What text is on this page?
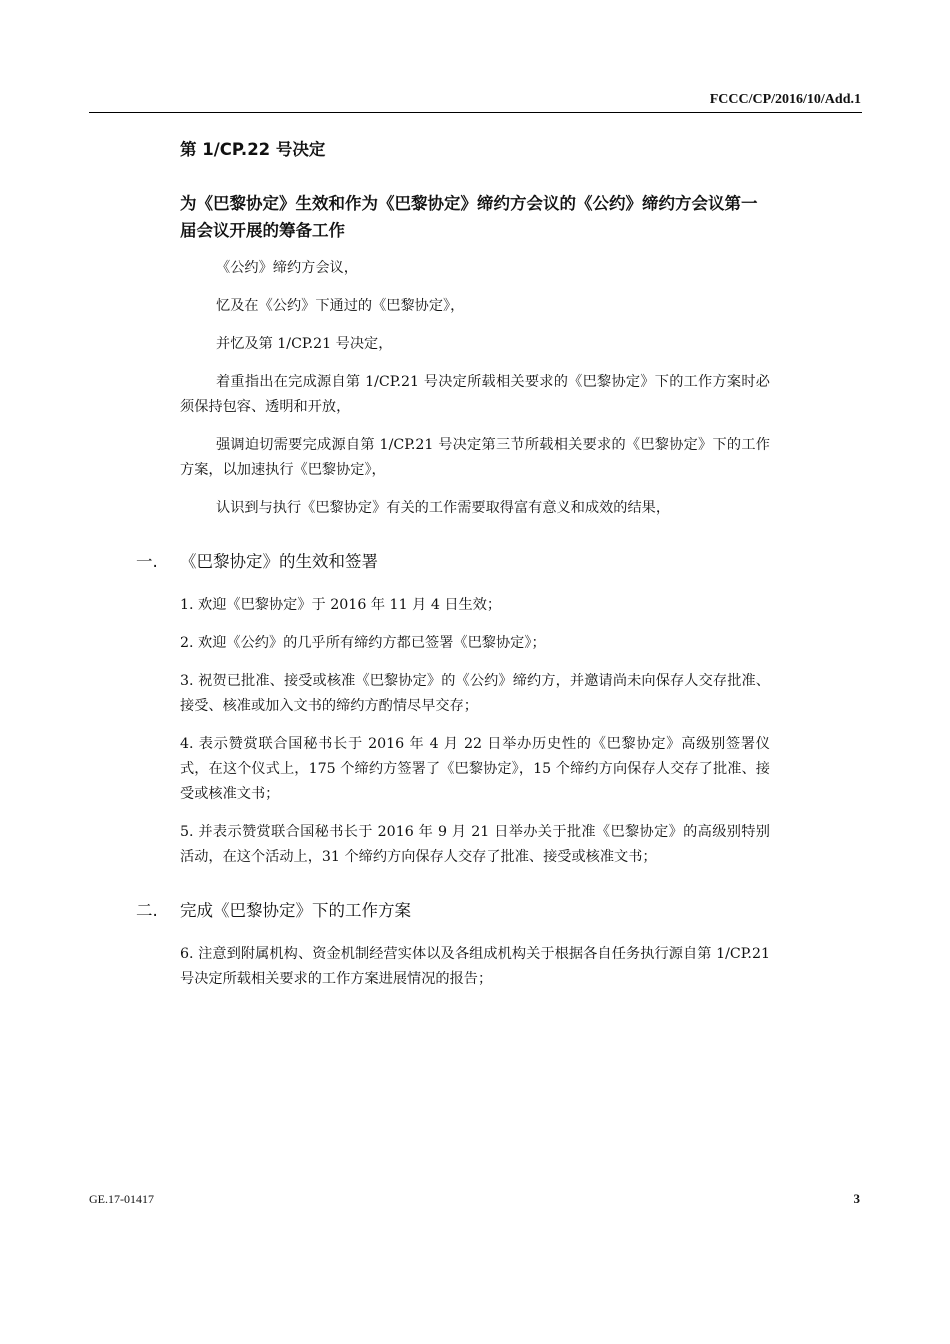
FCCC/CP/2016/10/Add.1
第 1/CP.22 号决定
为《巴黎协定》生效和作为《巴黎协定》缔约方会议的《公约》缔约方会议第一届会议开展的筹备工作

《公约》缔约方会议，

忆及在《公约》下通过的《巴黎协定》，

并忆及第 1/CP.21 号决定，

着重指出在完成源自第 1/CP.21 号决定所载相关要求的《巴黎协定》下的工作方案时必须保持包容、透明和开放，

强调迫切需要完成源自第 1/CP.21 号决定第三节所载相关要求的《巴黎协定》下的工作方案，以加速执行《巴黎协定》，

认识到与执行《巴黎协定》有关的工作需要取得富有意义和成效的结果，

一. 《巴黎协定》的生效和签署

1. 欢迎《巴黎协定》于 2016 年 11 月 4 日生效；

2. 欢迎《公约》的几乎所有缔约方都已签署《巴黎协定》；

3. 祝贺已批准、接受或核准《巴黎协定》的《公约》缔约方，并邀请尚未向保存人交存批准、接受、核准或加入文书的缔约方酌情尽早交存；

4. 表示赞赏联合国秘书长于 2016 年 4 月 22 日举办历史性的《巴黎协定》高级别签署仪式，在这个仪式上，175 个缔约方签署了《巴黎协定》，15 个缔约方向保存人交存了批准、接受或核准文书；

5. 并表示赞赏联合国秘书长于 2016 年 9 月 21 日举办关于批准《巴黎协定》的高级别特别活动，在这个活动上，31 个缔约方向保存人交存了批准、接受或核准文书；

二. 完成《巴黎协定》下的工作方案

6. 注意到附属机构、资金机制经营实体以及各组成机构关于根据各自任务执行源自第 1/CP.21 号决定所载相关要求的工作方案进展情况的报告；

GE.17-01417	3
